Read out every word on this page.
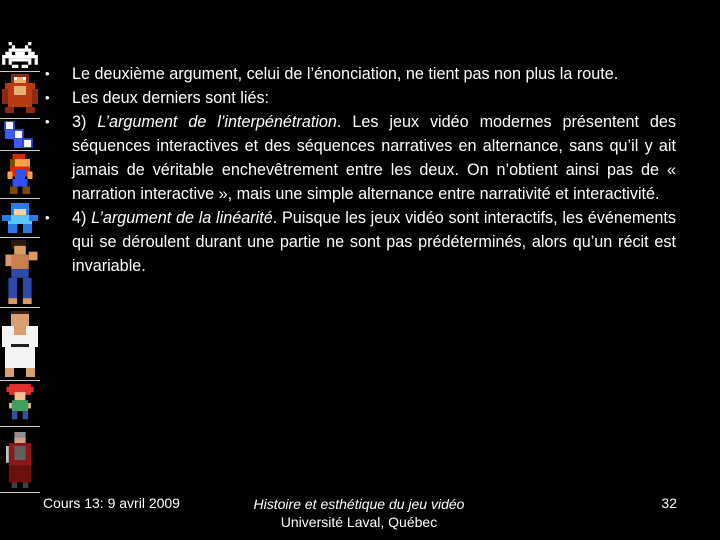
•	Le deuxième argument, celui de l’énonciation, ne tient pas non plus la route.
•	Les deux derniers sont liés:
•	3) L’argument de l’interpénétration. Les jeux vidéo modernes présentent des séquences interactives et des séquences narratives en alternance, sans qu’il y ait jamais de véritable enchevêtrement entre les deux. On n’obtient ainsi pas de « narration interactive », mais une simple alternance entre narrativité et interactivité.
•	4) L’argument de la linéarité. Puisque les jeux vidéo sont interactifs, les événements qui se déroulent durant une partie ne sont pas prédéterminés, alors qu’un récit est invariable.
Cours 13: 9 avril 2009	Histoire et esthétique du jeu vidéo
Université Laval, Québec
32
